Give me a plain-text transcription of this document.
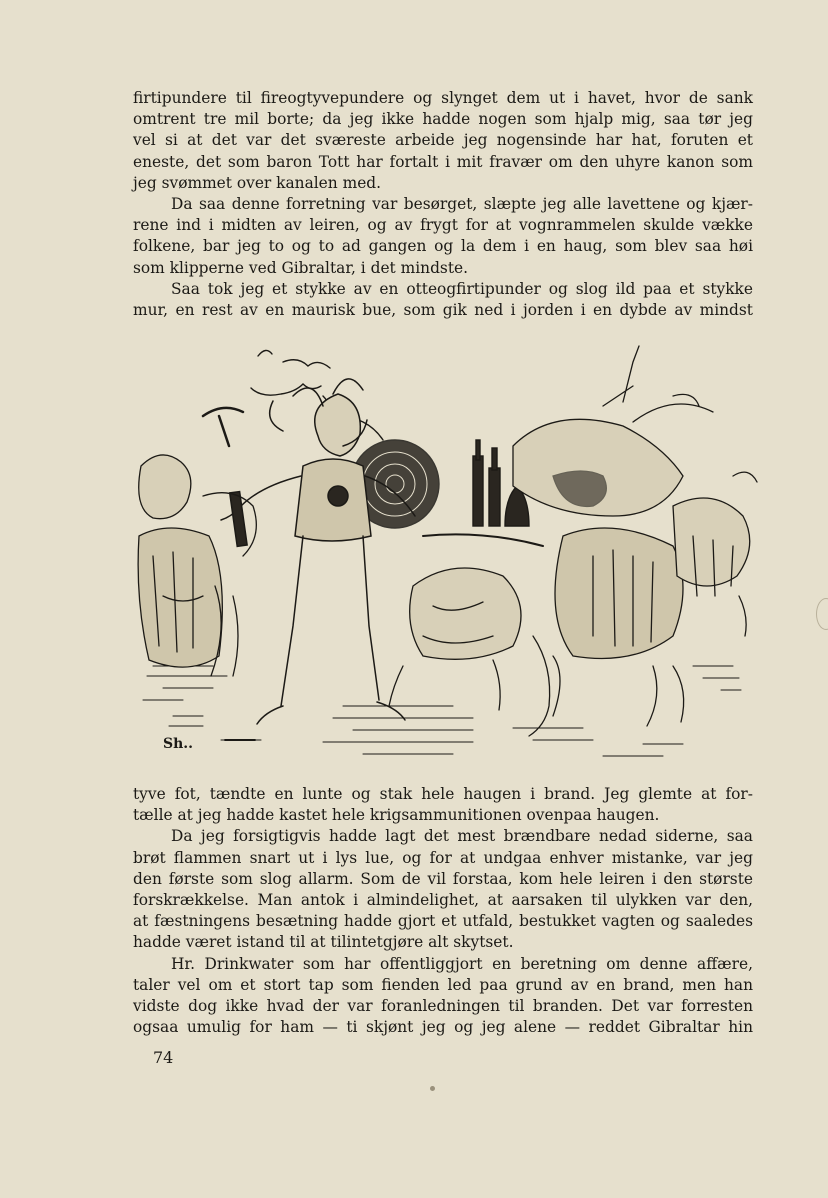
firtipundere til fireogtyvepundere og slynget dem ut i havet, hvor de sank
omtrent tre mil borte; da jeg ikke hadde nogen som hjalp mig, saa tør jeg
vel si at det var det sværeste arbeide jeg nogensinde har hat, foruten et
eneste, det som baron Tott har fortalt i mit fravær om den uhyre kanon som
jeg svømmet over kanalen med.
Da saa denne forretning var besørget, slæpte jeg alle lavettene og kjær-
rene ind i midten av leiren, og av frygt for at vognrammelen skulde vække
folkene, bar jeg to og to ad gangen og la dem i en haug, som blev saa høi
som klipperne ved Gibraltar, i det mindste.
Saa tok jeg et stykke av en otteogfirtipunder og slog ild paa et stykke
mur, en rest av en maurisk bue, som gik ned i jorden i en dybde av mindst
Sh..
tyve fot, tændte en lunte og stak hele haugen i brand. Jeg glemte at for-
tælle at jeg hadde kastet hele krigsammunitionen ovenpaa haugen.
Da jeg forsigtigvis hadde lagt det mest brændbare nedad siderne, saa
brøt flammen snart ut i lys lue, og for at undgaa enhver mistanke, var jeg
den første som slog allarm. Som de vil forstaa, kom hele leiren i den største
forskrækkelse. Man antok i almindelighet, at aarsaken til ulykken var den,
at fæstningens besætning hadde gjort et utfald, bestukket vagten og saaledes
hadde været istand til at tilintetgjøre alt skytset.
Hr. Drinkwater som har offentliggjort en beretning om denne affære,
taler vel om et stort tap som fienden led paa grund av en brand, men han
vidste dog ikke hvad der var foranledningen til branden. Det var forresten
ogsaa umulig for ham — ti skjønt jeg og jeg alene — reddet Gibraltar hin
74
